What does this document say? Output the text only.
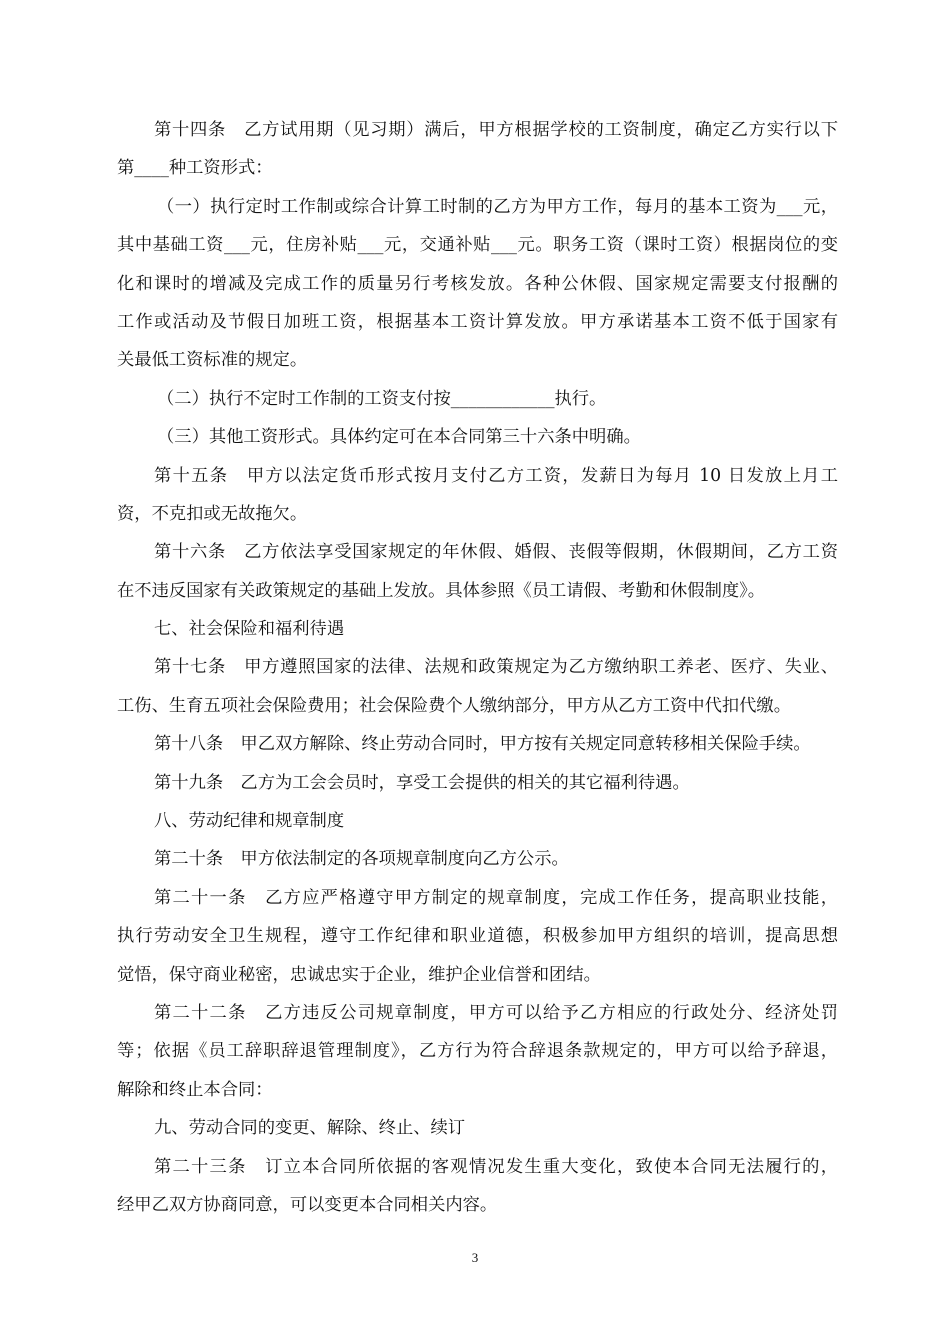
第十四条　乙方试用期（见习期）满后，甲方根据学校的工资制度，确定乙方实行以下
第____种工资形式：
（一）执行定时工作制或综合计算工时制的乙方为甲方工作，每月的基本工资为___元，
其中基础工资___元，住房补贴___元，交通补贴___元。职务工资（课时工资）根据岗位的变
化和课时的增减及完成工作的质量另行考核发放。各种公休假、国家规定需要支付报酬的
工作或活动及节假日加班工资，根据基本工资计算发放。甲方承诺基本工资不低于国家有
关最低工资标准的规定。
（二）执行不定时工作制的工资支付按____________执行。
（三）其他工资形式。具体约定可在本合同第三十六条中明确。
第十五条　甲方以法定货币形式按月支付乙方工资，发薪日为每月 10 日发放上月工
资，不克扣或无故拖欠。
第十六条　乙方依法享受国家规定的年休假、婚假、丧假等假期，休假期间，乙方工资
在不违反国家有关政策规定的基础上发放。具体参照《员工请假、考勤和休假制度》。
七、社会保险和福利待遇
第十七条　甲方遵照国家的法律、法规和政策规定为乙方缴纳职工养老、医疗、失业、
工伤、生育五项社会保险费用；社会保险费个人缴纳部分，甲方从乙方工资中代扣代缴。
第十八条　甲乙双方解除、终止劳动合同时，甲方按有关规定同意转移相关保险手续。
第十九条　乙方为工会会员时，享受工会提供的相关的其它福利待遇。
八、劳动纪律和规章制度
第二十条　甲方依法制定的各项规章制度向乙方公示。
第二十一条　乙方应严格遵守甲方制定的规章制度，完成工作任务，提高职业技能，
执行劳动安全卫生规程，遵守工作纪律和职业道德，积极参加甲方组织的培训，提高思想
觉悟，保守商业秘密，忠诚忠实于企业，维护企业信誉和团结。
第二十二条　乙方违反公司规章制度，甲方可以给予乙方相应的行政处分、经济处罚
等；依据《员工辞职辞退管理制度》，乙方行为符合辞退条款规定的，甲方可以给予辞退，
解除和终止本合同：
九、劳动合同的变更、解除、终止、续订
第二十三条　订立本合同所依据的客观情况发生重大变化，致使本合同无法履行的，
经甲乙双方协商同意，可以变更本合同相关内容。
3
